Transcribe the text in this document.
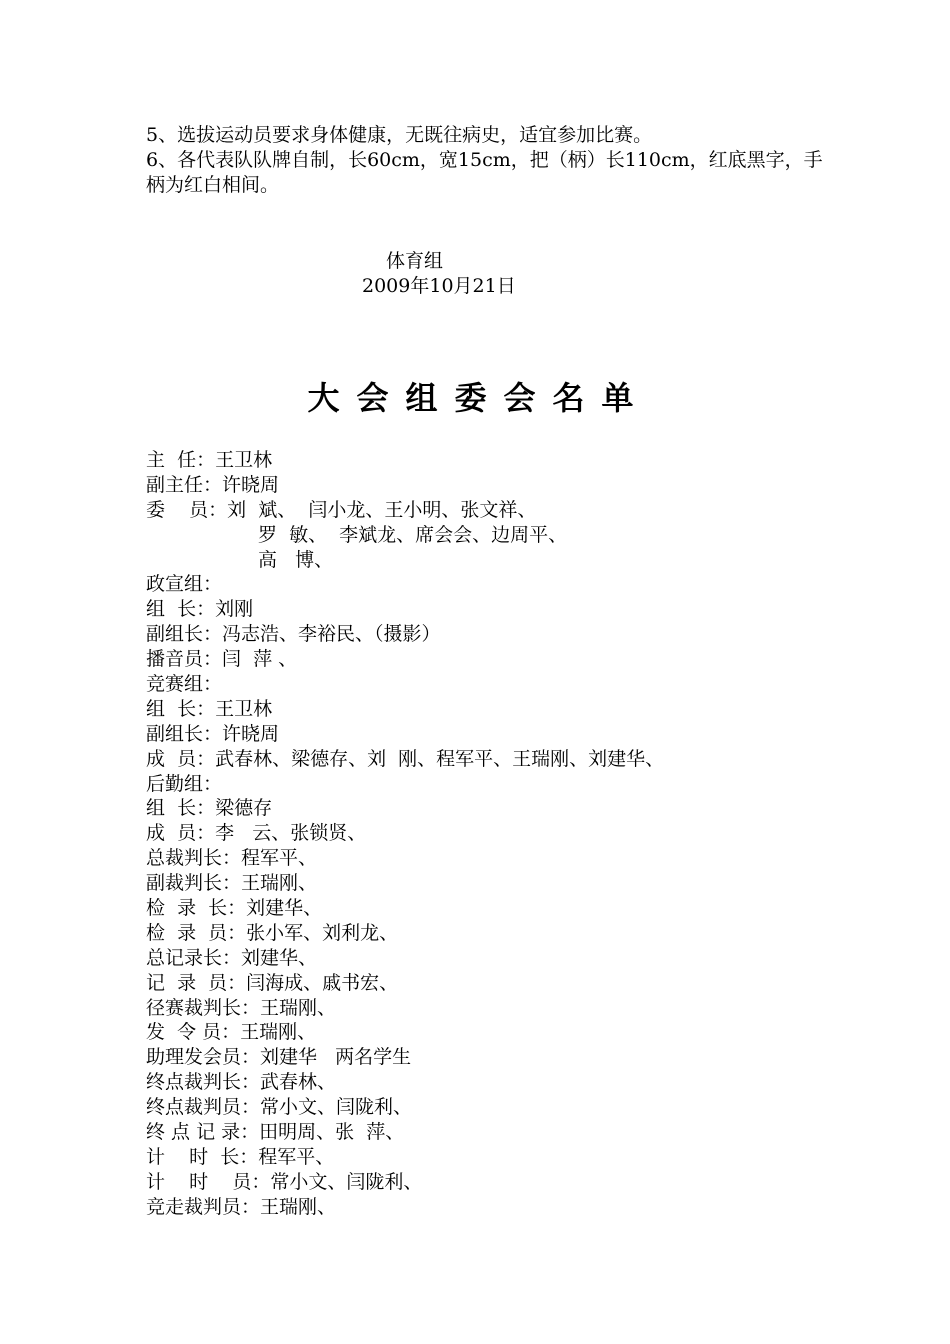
5、选拔运动员要求身体健康，无既往病史，适宜参加比赛。
6、各代表队队牌自制，长60cm，宽15cm，把（柄）长110cm，红底黑字，手柄为红白相间。
体育组
2009年10月21日
大会组委会名单
主  任：王卫林
副主任：许晓周
委    员：刘  斌、  闫小龙、王小明、张文祥、
罗  敏、  李斌龙、席会会、边周平、
高   博、
政宣组：
组  长：刘刚
副组长：冯志浩、李裕民、（摄影）
播音员：闫  萍 、
竞赛组：
组  长：王卫林
副组长：许晓周
成  员：武春林、梁德存、刘  刚、程军平、王瑞刚、刘建华、
后勤组：
组  长：梁德存
成  员：李   云、张锁贤、
总裁判长：程军平、
副裁判长：王瑞刚、
检  录  长：刘建华、
检  录  员：张小军、刘利龙、
总记录长：刘建华、
记  录  员：闫海成、戚书宏、
径赛裁判长：王瑞刚、
发  令 员：王瑞刚、
助理发会员：刘建华   两名学生
终点裁判长：武春林、
终点裁判员：常小文、闫陇利、
终 点 记 录：田明周、张  萍、
计    时  长：程军平、
计    时    员：常小文、闫陇利、
竞走裁判员：王瑞刚、
